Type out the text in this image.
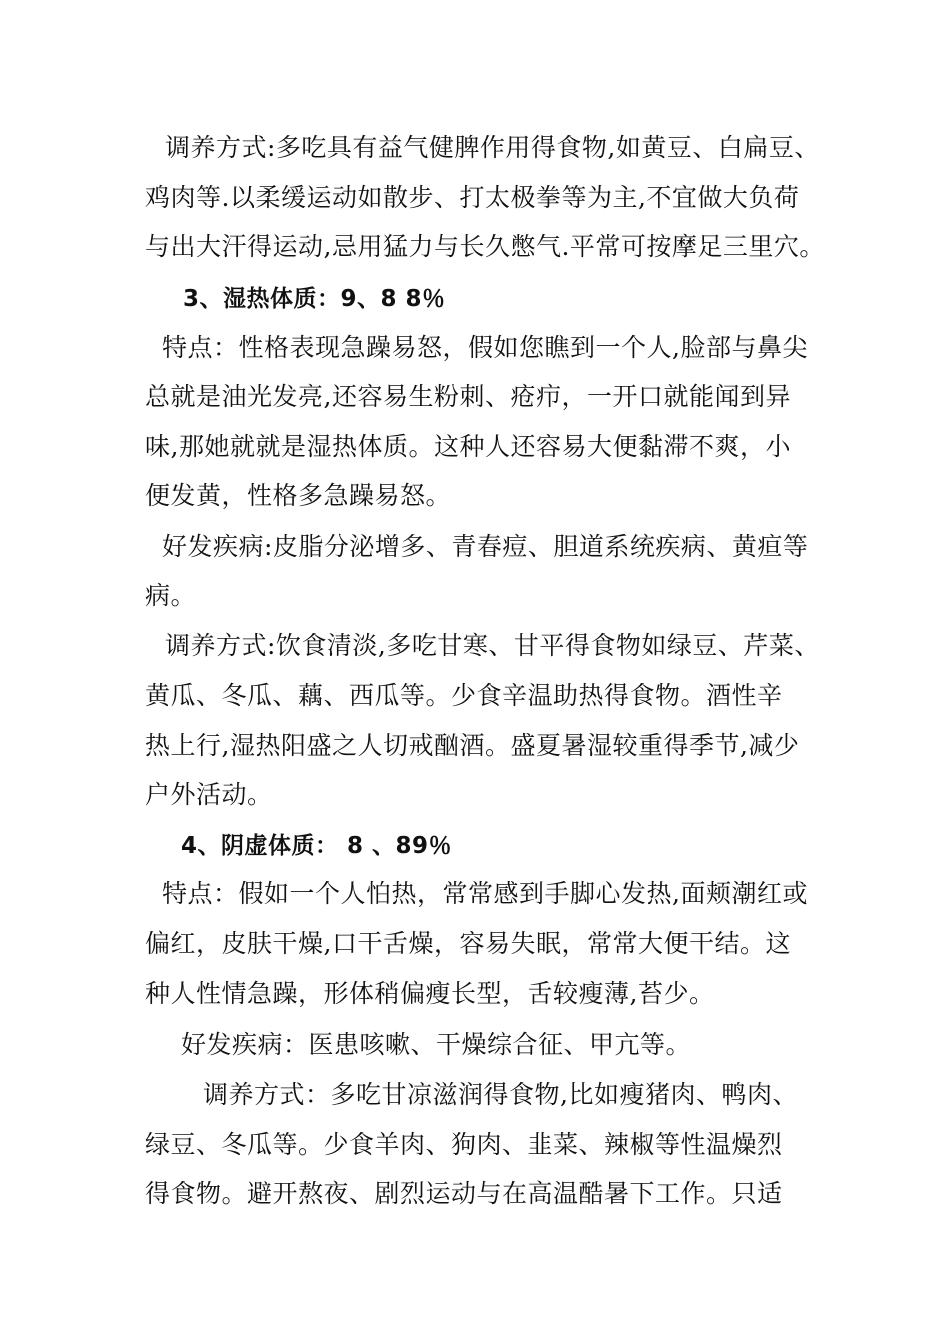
调养方式:多吃具有益气健脾作用得食物,如黄豆、白扁豆、
鸡肉等.以柔缓运动如散步、打太极拳等为主,不宜做大负荷
与出大汗得运动,忌用猛力与长久憋气.平常可按摩足三里穴。
3、湿热体质：9、8 8％
特点：性格表现急躁易怒，假如您瞧到一个人,脸部与鼻尖
总就是油光发亮,还容易生粉刺、疮疖，一开口就能闻到异
味,那她就就是湿热体质。这种人还容易大便黏滞不爽，小
便发黄，性格多急躁易怒。
好发疾病:皮脂分泌增多、青春痘、胆道系统疾病、黄疸等
病。
调养方式:饮食清淡,多吃甘寒、甘平得食物如绿豆、芹菜、
黄瓜、冬瓜、藕、西瓜等。少食辛温助热得食物。酒性辛
热上行,湿热阳盛之人切戒酗酒。盛夏暑湿较重得季节,减少
户外活动。
4、阴虚体质： 8 、89％
特点：假如一个人怕热，常常感到手脚心发热,面颊潮红或
偏红，皮肤干燥,口干舌燥，容易失眠，常常大便干结。这
种人性情急躁，形体稍偏瘦长型，舌较瘦薄,苔少。
好发疾病：医患咳嗽、干燥综合征、甲亢等。
调养方式：多吃甘凉滋润得食物,比如瘦猪肉、鸭肉、
绿豆、冬瓜等。少食羊肉、狗肉、韭菜、辣椒等性温燥烈
得食物。避开熬夜、剧烈运动与在高温酷暑下工作。只适
